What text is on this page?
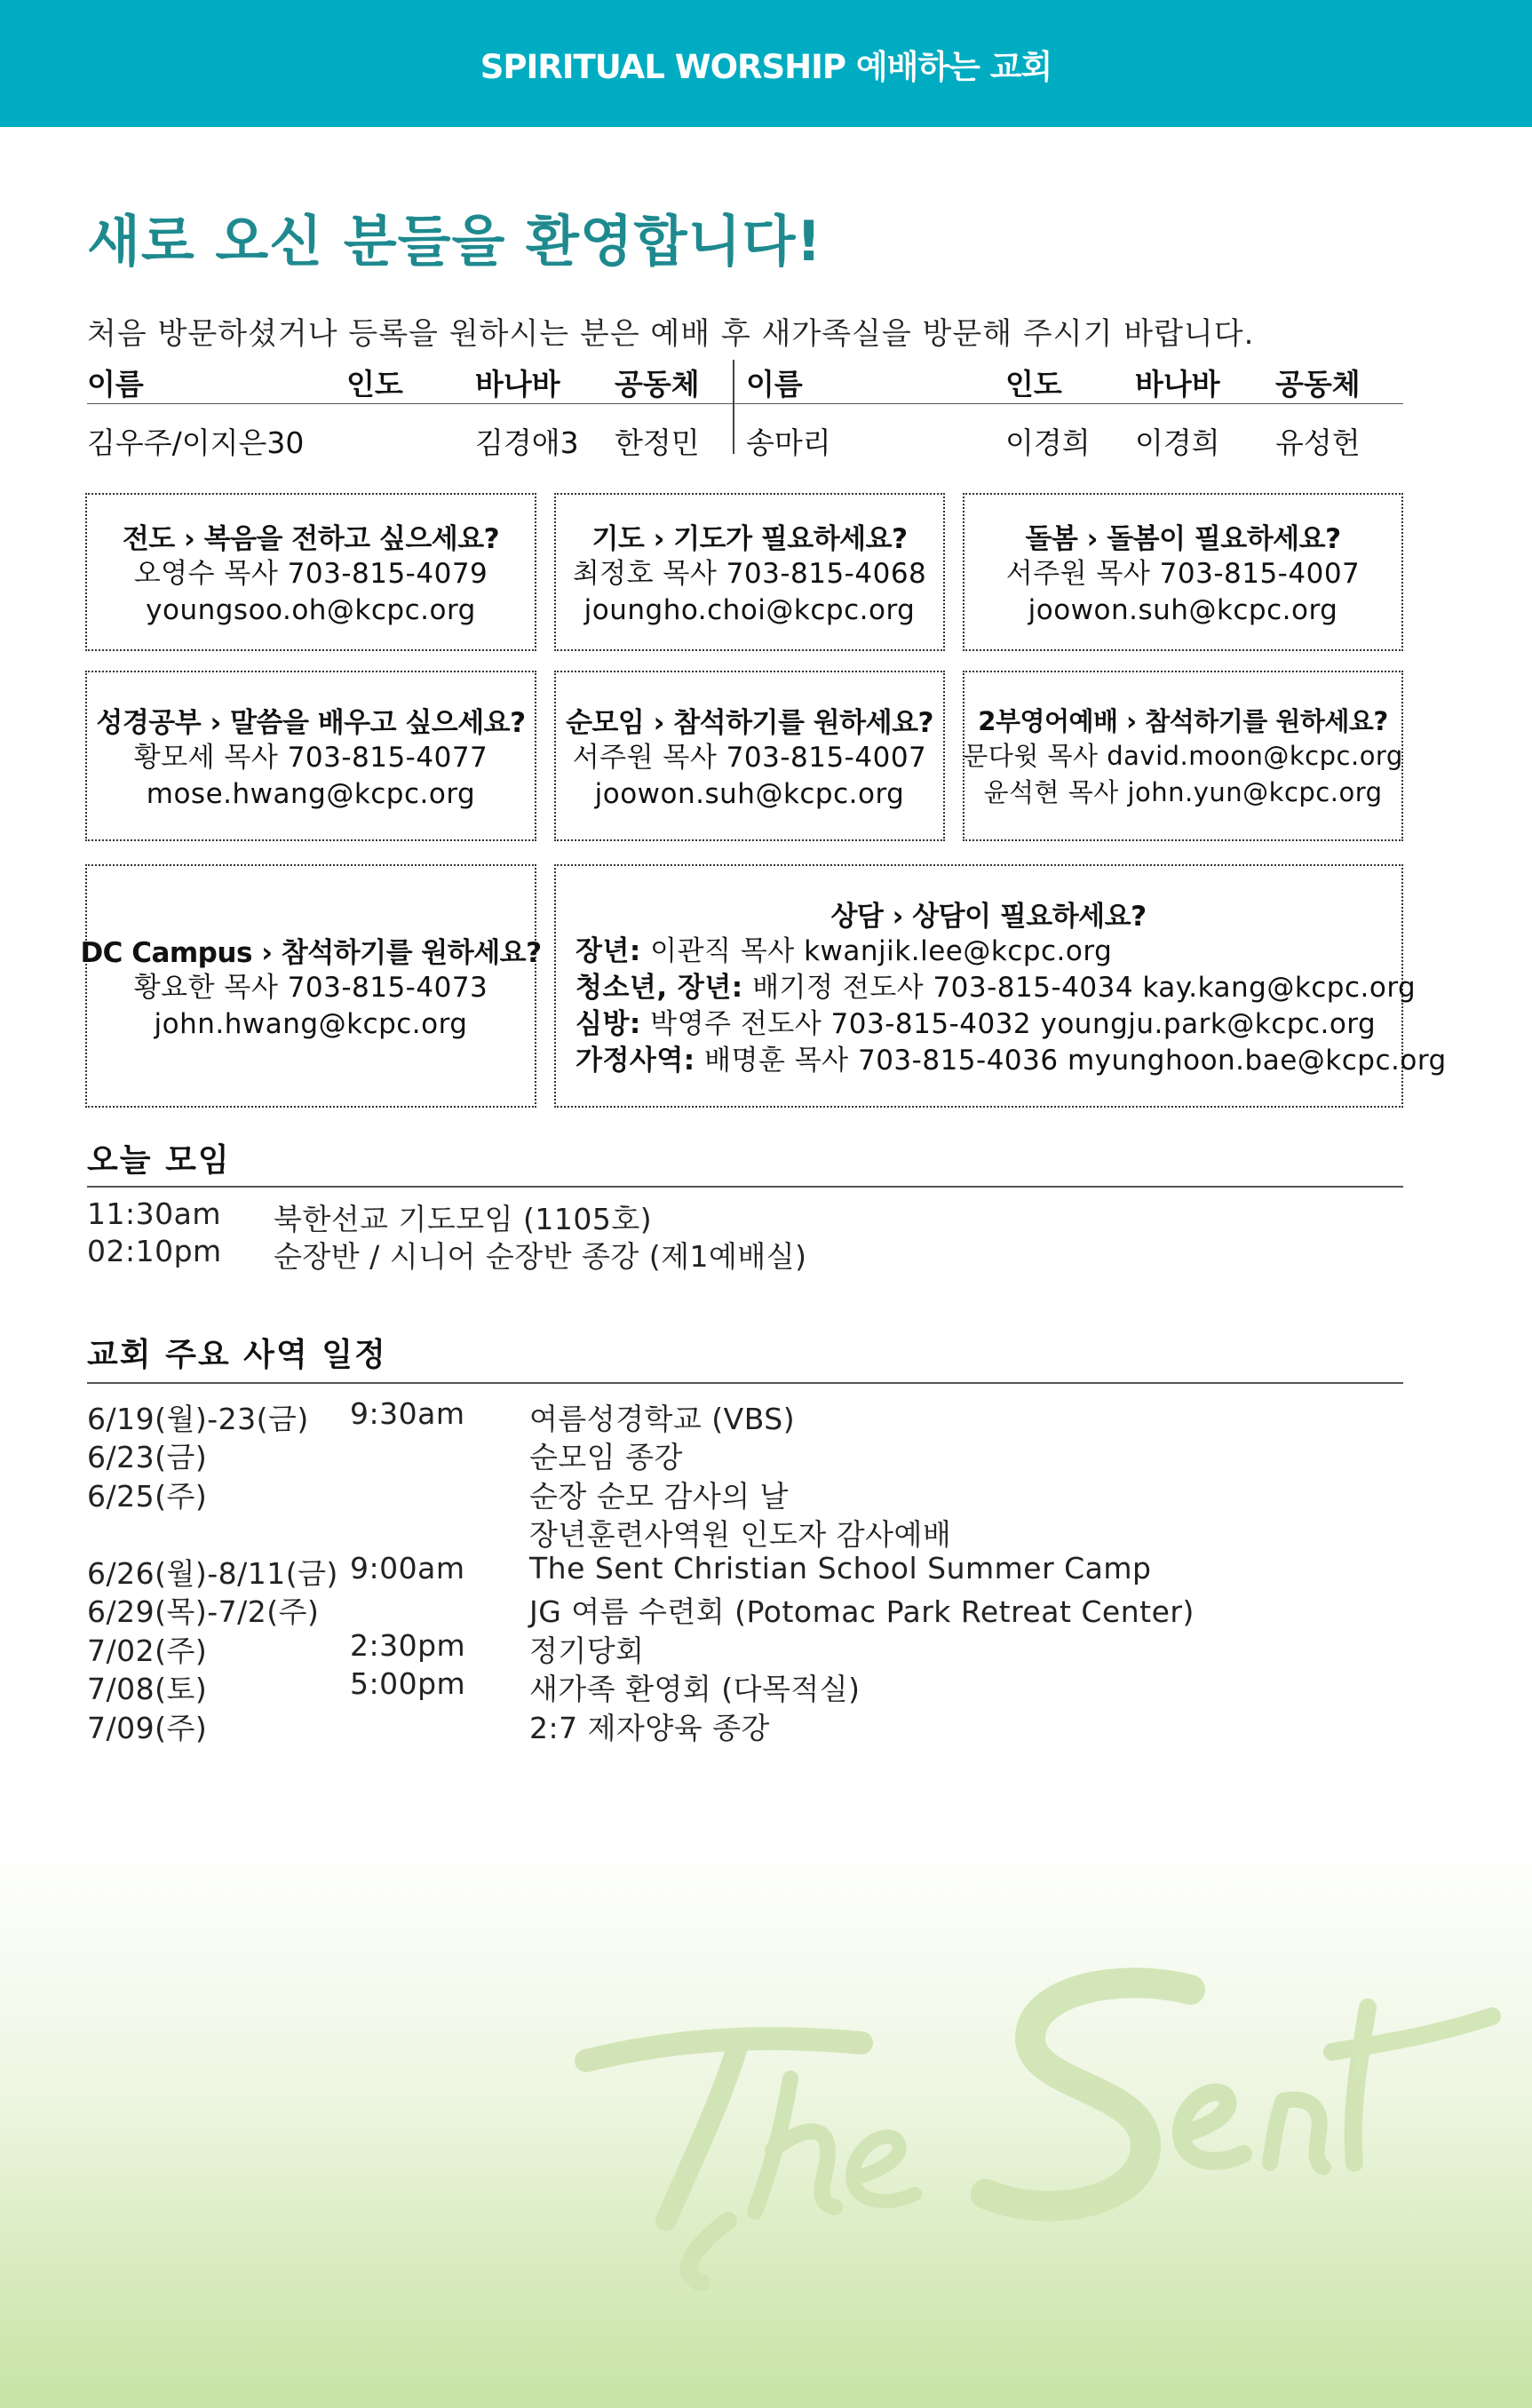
SPIRITUAL WORSHIP 예배하는 교회
새로 오신 분들을 환영합니다!
처음 방문하셨거나 등록을 원하시는 분은 예배 후 새가족실을 방문해 주시기 바랍니다.
이름	인도 바나바 공동체 이름	인도 바나바 공동체
김우주/이지은30	김경애3 한정민 송마리	이경희 이경희 유성헌
전도 › 복음을 전하고 싶으세요?
오영수 목사 703-815-4079
youngsoo.oh@kcpc.org
기도 › 기도가 필요하세요?
최정호 목사 703-815-4068
joungho.choi@kcpc.org
돌봄 › 돌봄이 필요하세요?
서주원 목사 703-815-4007
joowon.suh@kcpc.org
성경공부 › 말씀을 배우고 싶으세요?
황모세 목사 703-815-4077
mose.hwang@kcpc.org
순모임 › 참석하기를 원하세요?
서주원 목사 703-815-4007
joowon.suh@kcpc.org
2부영어예배 › 참석하기를 원하세요?
문다윗 목사 david.moon@kcpc.org
윤석현 목사 john.yun@kcpc.org
DC Campus › 참석하기를 원하세요?
황요한 목사 703-815-4073
john.hwang@kcpc.org
상담 › 상담이 필요하세요?
장년: 이관직 목사 kwanjik.lee@kcpc.org
청소년, 장년: 배기정 전도사 703-815-4034 kay.kang@kcpc.org
심방: 박영주 전도사 703-815-4032 youngju.park@kcpc.org
가정사역: 배명훈 목사 703-815-4036 myunghoon.bae@kcpc.org
오늘 모임
11:30am 북한선교 기도모임 (1105호)
02:10pm 순장반 / 시니어 순장반 종강 (제1예배실)
교회 주요 사역 일정
6/19(월)-23(금) 9:30am 여름성경학교 (VBS)
6/23(금)	순모임 종강
6/25(주)	순장 순모 감사의 날
장년훈련사역원 인도자 감사예배
6/26(월)-8/11(금) 9:00am The Sent Christian School Summer Camp
6/29(목)-7/2(주)	JG 여름 수련회 (Potomac Park Retreat Center)
7/02(주)	2:30pm 정기당회
7/08(토)	5:00pm 새가족 환영회 (다목적실)
7/09(주)	2:7 제자양육 종강
The Sent
